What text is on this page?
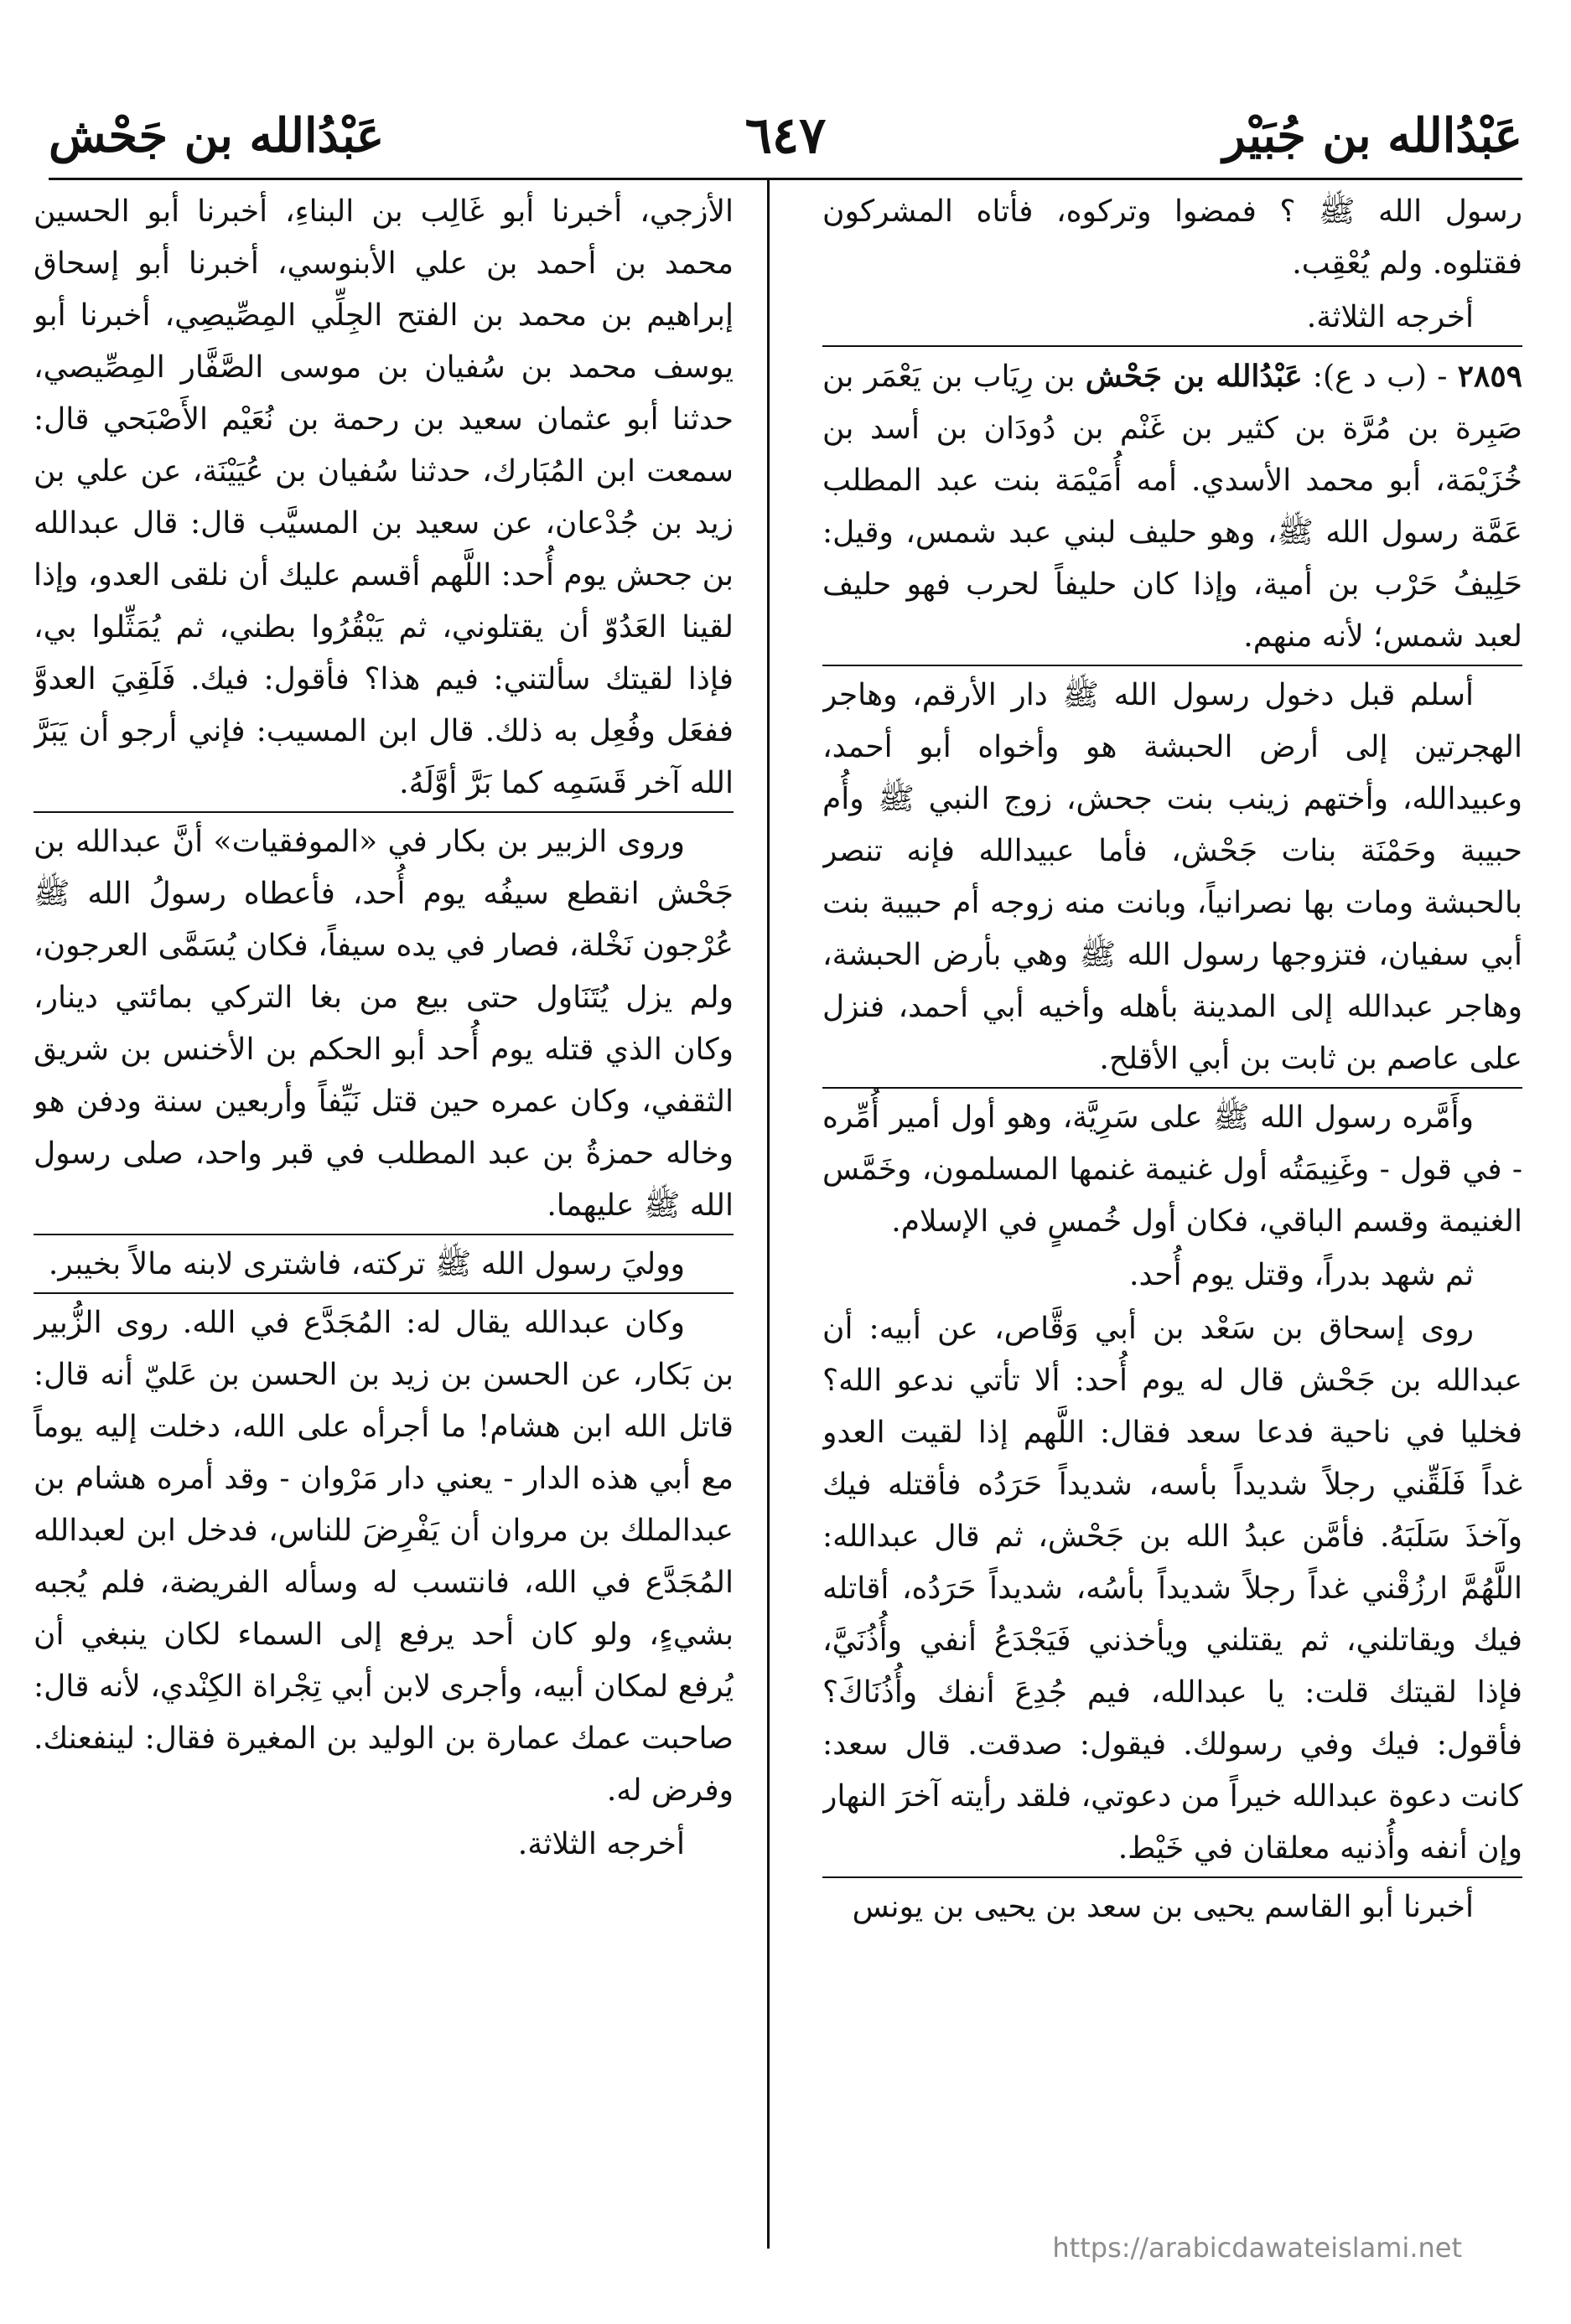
عَبْدُالله بن جُبَيْر
٦٤٧
عَبْدُالله بن جَحْش

رسول الله ﷺ ؟ فمضوا وتركوه، فأتاه المشركون فقتلوه. ولم يُعْقِب.

أخرجه الثلاثة.

٢٨٥٩ - (ب د ع): عَبْدُالله بن جَحْش بن رِيَاب بن يَعْمَر بن صَبِرة بن مُرَّة بن كثير بن غَنْم بن دُودَان بن أسد بن خُزَيْمَة، أبو محمد الأسدي. أمه أُمَيْمَة بنت عبد المطلب عَمَّة رسول الله ﷺ، وهو حليف لبني عبد شمس، وقيل: حَلِيفُ حَرْب بن أمية، وإذا كان حليفاً لحرب فهو حليف لعبد شمس؛ لأنه منهم.

أسلم قبل دخول رسول الله ﷺ دار الأرقم، وهاجر الهجرتين إلى أرض الحبشة هو وأخواه أبو أحمد، وعبيدالله، وأختهم زينب بنت جحش، زوج النبي ﷺ وأُم حبيبة وحَمْنَة بنات جَحْش، فأما عبيدالله فإنه تنصر بالحبشة ومات بها نصرانياً، وبانت منه زوجه أم حبيبة بنت أبي سفيان، فتزوجها رسول الله ﷺ وهي بأرض الحبشة، وهاجر عبدالله إلى المدينة بأهله وأخيه أبي أحمد، فنزل على عاصم بن ثابت بن أبي الأقلح.

وأَمَّره رسول الله ﷺ على سَرِيَّة، وهو أول أمير أُمِّره - في قول - وغَنِيمَتُه أول غنيمة غنمها المسلمون، وخَمَّس الغنيمة وقسم الباقي، فكان أول خُمسٍ في الإسلام.

ثم شهد بدراً، وقتل يوم أُحد.

روى إسحاق بن سَعْد بن أبي وَقَّاص، عن أبيه: أن عبدالله بن جَحْش قال له يوم أُحد: ألا تأتي ندعو الله؟ فخليا في ناحية فدعا سعد فقال: اللَّهم إذا لقيت العدو غداً فَلَقِّني رجلاً شديداً بأسه، شديداً حَرَدُه فأقتله فيك وآخذَ سَلَبَهُ. فأمَّن عبدُ الله بن جَحْش، ثم قال عبدالله: اللَّهُمَّ ارزُقْني غداً رجلاً شديداً بأسُه، شديداً حَرَدُه، أقاتله فيك ويقاتلني، ثم يقتلني ويأخذني فَيَجْدَعُ أنفي وأُذُنَيَّ، فإذا لقيتك قلت: يا عبدالله، فيم جُدِعَ أنفك وأُذُنَاكَ؟ فأقول: فيك وفي رسولك. فيقول: صدقت. قال سعد: كانت دعوة عبدالله خيراً من دعوتي، فلقد رأيته آخرَ النهار وإن أنفه وأُذنيه معلقان في خَيْط.

أخبرنا أبو القاسم يحيى بن سعد بن يحيى بن يونس

الأزجي، أخبرنا أبو غَالِب بن البناءِ، أخبرنا أبو الحسين محمد بن أحمد بن علي الأبنوسي، أخبرنا أبو إسحاق إبراهيم بن محمد بن الفتح الجِلِّي المِصِّيصِي، أخبرنا أبو يوسف محمد بن سُفيان بن موسى الصَّفَّار المِصِّيصي، حدثنا أبو عثمان سعيد بن رحمة بن نُعَيْم الأَصْبَحي قال: سمعت ابن المُبَارك، حدثنا سُفيان بن عُيَيْنَة، عن علي بن زيد بن جُدْعان، عن سعيد بن المسيَّب قال: قال عبدالله بن جحش يوم أُحد: اللَّهم أقسم عليك أن نلقى العدو، وإذا لقينا العَدُوّ أن يقتلوني، ثم يَبْقُرُوا بطني، ثم يُمَثِّلوا بي، فإذا لقيتك سألتني: فيم هذا؟ فأقول: فيك. فَلَقِيَ العدوَّ ففعَل وفُعِل به ذلك. قال ابن المسيب: فإني أرجو أن يَبَرَّ الله آخر قَسَمِه كما بَرَّ أوَّلَهُ.

وروى الزبير بن بكار في «الموفقيات» أنَّ عبدالله بن جَحْش انقطع سيفُه يوم أُحد، فأعطاه رسولُ الله ﷺ عُرْجون نَخْلة، فصار في يده سيفاً، فكان يُسَمَّى العرجون، ولم يزل يُتَنَاول حتى بيع من بغا التركي بمائتي دينار، وكان الذي قتله يوم أُحد أبو الحكم بن الأخنس بن شريق الثقفي، وكان عمره حين قتل نَيِّفاً وأربعين سنة ودفن هو وخاله حمزةُ بن عبد المطلب في قبر واحد، صلى رسول الله ﷺ عليهما.

ووليَ رسول الله ﷺ تركته، فاشترى لابنه مالاً بخيبر.

وكان عبدالله يقال له: المُجَدَّع في الله. روى الزُّبير بن بَكار، عن الحسن بن زيد بن الحسن بن عَليّ أنه قال: قاتل الله ابن هشام! ما أجرأه على الله، دخلت إليه يوماً مع أبي هذه الدار - يعني دار مَرْوان - وقد أمره هشام بن عبدالملك بن مروان أن يَفْرِضَ للناس، فدخل ابن لعبدالله المُجَدَّع في الله، فانتسب له وسأله الفريضة، فلم يُجبه بشيءٍ، ولو كان أحد يرفع إلى السماء لكان ينبغي أن يُرفع لمكان أبيه، وأجرى لابن أبي تِجْراة الكِنْدي، لأنه قال: صاحبت عمك عمارة بن الوليد بن المغيرة فقال: لينفعنك. وفرض له.

أخرجه الثلاثة.

https://arabicdawateislami.net
